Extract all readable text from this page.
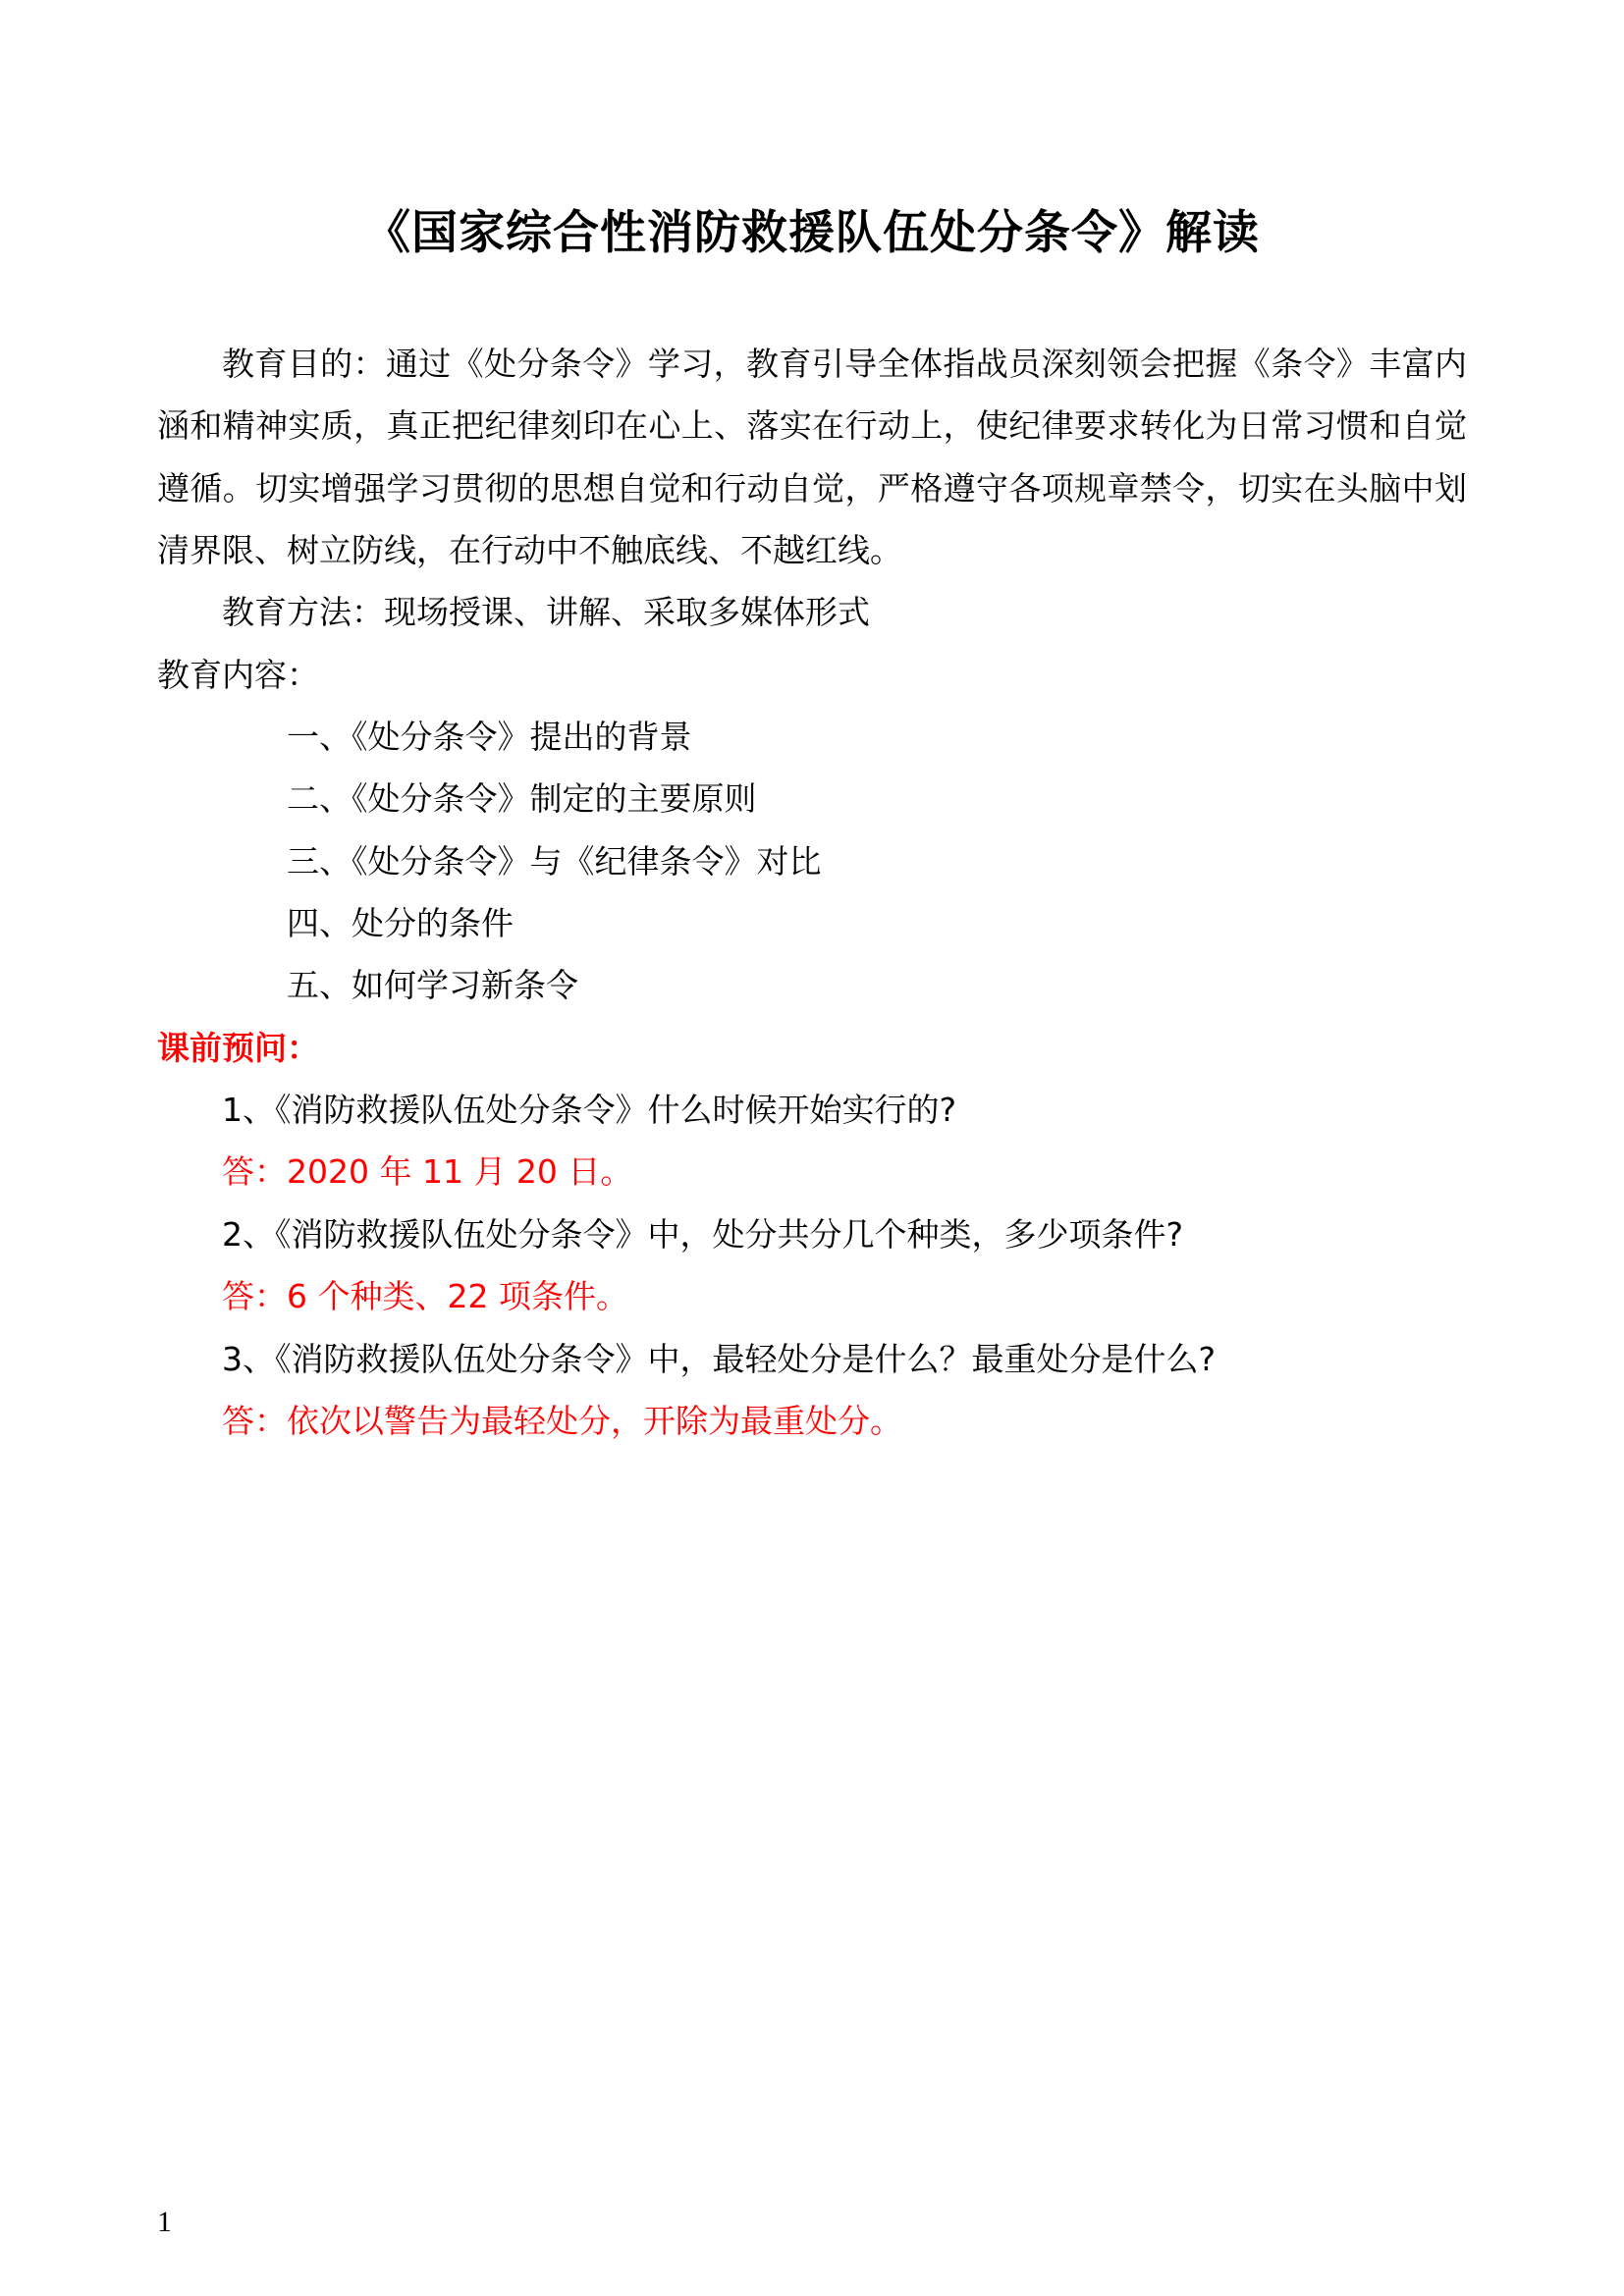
《国家综合性消防救援队伍处分条令》解读

教育目的：通过《处分条令》学习，教育引导全体指战员深刻领会把握《条令》丰富内涵和精神实质，真正把纪律刻印在心上、落实在行动上，使纪律要求转化为日常习惯和自觉遵循。切实增强学习贯彻的思想自觉和行动自觉，严格遵守各项规章禁令，切实在头脑中划清界限、树立防线，在行动中不触底线、不越红线。

教育方法：现场授课、讲解、采取多媒体形式

教育内容：

一、《处分条令》提出的背景

二、《处分条令》制定的主要原则

三、《处分条令》与《纪律条令》对比

四、处分的条件

五、如何学习新条令

课前预问：

1、《消防救援队伍处分条令》什么时候开始实行的?

答：2020 年 11 月 20 日。

2、《消防救援队伍处分条令》中，处分共分几个种类，多少项条件?

答：6 个种类、22 项条件。

3、《消防救援队伍处分条令》中，最轻处分是什么？最重处分是什么?

答：依次以警告为最轻处分，开除为最重处分。

1
